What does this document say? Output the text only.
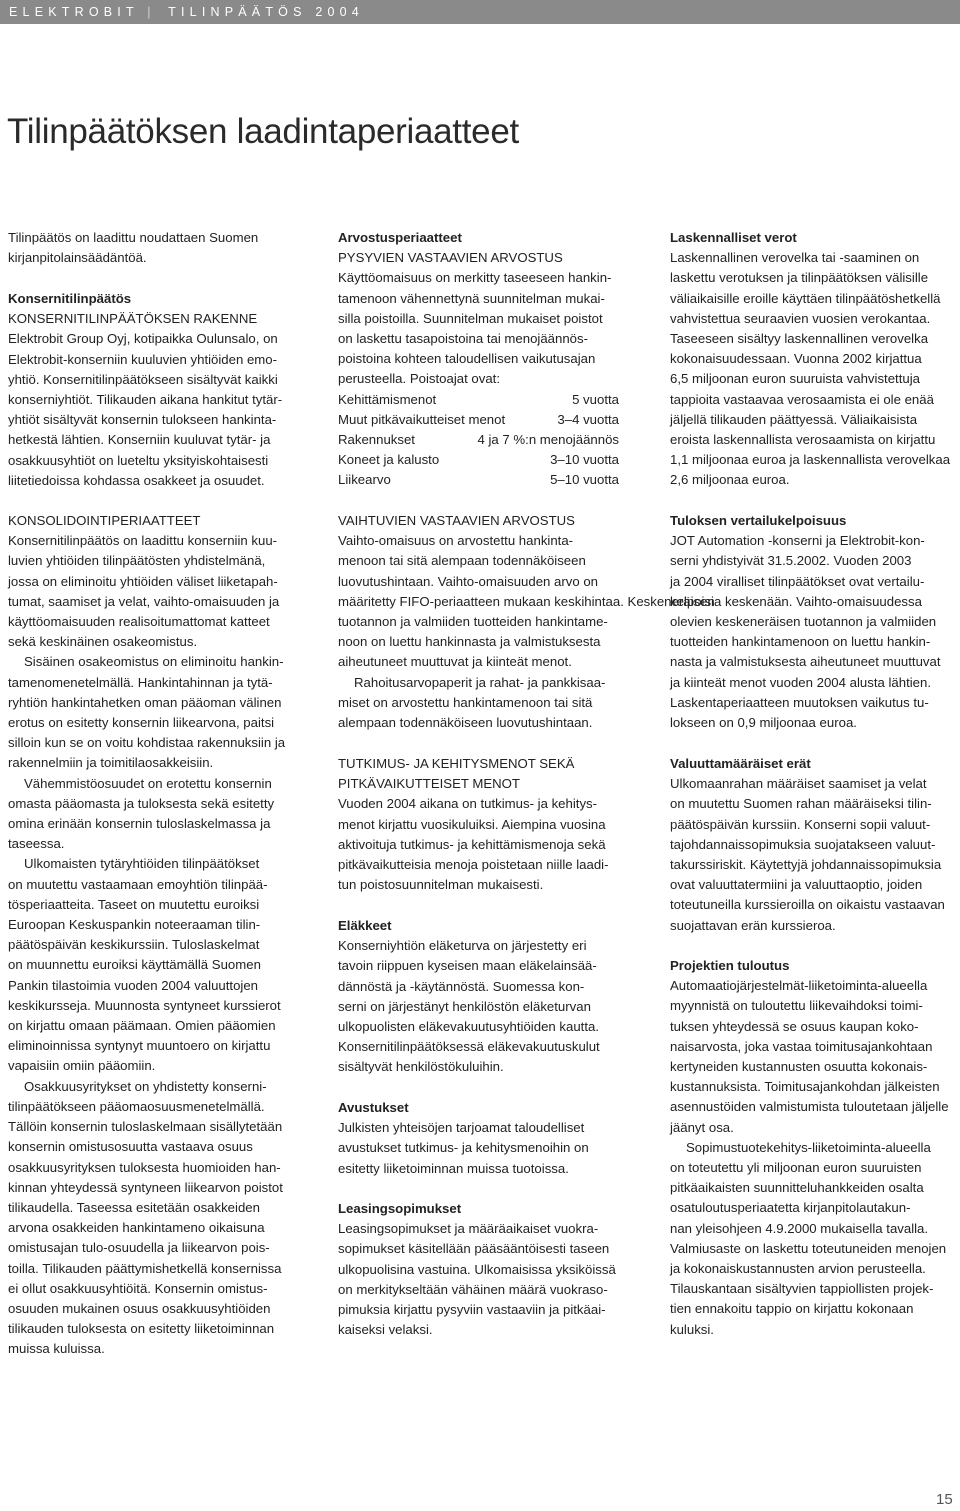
ELEKTROBIT | TILINPÄÄTÖS 2004
Tilinpäätöksen laadintaperiaatteet

Tilinpäätös on laadittu noudattaen Suomen

kirjanpitolainsäädäntöä.

Konsernitilinpäätös

KONSERNITILINPÄÄTÖKSEN RAKENNE

Elektrobit Group Oyj, kotipaikka Oulunsalo, on

Elektrobit-konserniin kuuluvien yhtiöiden emo-

yhtiö. Konsernitilinpäätökseen sisältyvät kaikki

konserniyhtiöt. Tilikauden aikana hankitut tytär-

yhtiöt sisältyvät konsernin tulokseen hankinta-

hetkestä lähtien. Konserniin kuuluvat tytär- ja

osakkuusyhtiöt on lueteltu yksityiskohtaisesti

liitetiedoissa kohdassa osakkeet ja osuudet.

KONSOLIDOINTIPERIAATTEET

Konsernitilinpäätös on laadittu konserniin kuu-

luvien yhtiöiden tilinpäätösten yhdistelmänä,

jossa on eliminoitu yhtiöiden väliset liiketapah-

tumat, saamiset ja velat, vaihto-omaisuuden ja

käyttöomaisuuden realisoitumattomat katteet

sekä keskinäinen osakeomistus.

Sisäinen osakeomistus on eliminoitu hankin-

tamenomenetelmällä. Hankintahinnan ja tytä-

ryhtiön hankintahetken oman pääoman välinen

erotus on esitetty konsernin liikearvona, paitsi

silloin kun se on voitu kohdistaa rakennuksiin ja

rakennelmiin ja toimitilaosakkeisiin.

Vähemmistöosuudet on erotettu konsernin

omasta pääomasta ja tuloksesta sekä esitetty

omina erinään konsernin tuloslaskelmassa ja

taseessa.

Ulkomaisten tytäryhtiöiden tilinpäätökset

on muutettu vastaamaan emoyhtiön tilinpää-

tösperiaatteita. Taseet on muutettu euroiksi

Euroopan Keskuspankin noteeraaman tilin-

päätöspäivän keskikurssiin. Tuloslaskelmat

on muunnettu euroiksi käyttämällä Suomen

Pankin tilastoimia vuoden 2004 valuuttojen

keskikursseja. Muunnosta syntyneet kurssierot

on kirjattu omaan päämaan. Omien pääomien

eliminoinnissa syntynyt muuntoero on kirjattu

vapaisiin omiin pääomiin.

Osakkuusyritykset on yhdistetty konserni-

tilinpäätökseen pääomaosuusmenetelmällä.

Tällöin konsernin tuloslaskelmaan sisällytetään

konsernin omistusosuutta vastaava osuus

osakkuusyrityksen tuloksesta huomioiden han-

kinnan yhteydessä syntyneen liikearvon poistot

tilikaudella. Taseessa esitetään osakkeiden

arvona osakkeiden hankintameno oikaisuna

omistusajan tulo-osuudella ja liikearvon pois-

toilla. Tilikauden päättymishetkellä konsernissa

ei ollut osakkuusyhtiöitä. Konsernin omistus-

osuuden mukainen osuus osakkuusyhtiöiden

tilikauden tuloksesta on esitetty liiketoiminnan

muissa kuluissa.

Arvostusperiaatteet

PYSYVIEN VASTAAVIEN ARVOSTUS

Käyttöomaisuus on merkitty taseeseen hankin-

tamenoon vähennettynä suunnitelman mukai-

silla poistoilla. Suunnitelman mukaiset poistot

on laskettu tasapoistoina tai menojäännös-

poistoina kohteen taloudellisen vaikutusajan

perusteella. Poistoajat ovat:

Kehittämismenot	5 vuotta
Muut pitkävaikutteiset menot	3–4 vuotta
Rakennukset	4 ja 7 %:n menojäännös
Koneet ja kalusto	3–10 vuotta
Liikearvo	5–10 vuotta

VAIHTUVIEN VASTAAVIEN ARVOSTUS

Vaihto-omaisuus on arvostettu hankinta-

menoon tai sitä alempaan todennäköiseen

luovutushintaan. Vaihto-omaisuuden arvo on

määritetty FIFO-periaatteen mukaan keskihintaa. Keskeneräisen

tuotannon ja valmiiden tuotteiden hankintame-

noon on luettu hankinnasta ja valmistuksesta

aiheutuneet muuttuvat ja kiinteät menot.

Rahoitusarvopaperit ja rahat- ja pankkisaa-

miset on arvostettu hankintamenoon tai sitä

alempaan todennäköiseen luovutushintaan.

TUTKIMUS- JA KEHITYSMENOT SEKÄ

PITKÄVAIKUTTEISET MENOT

Vuoden 2004 aikana on tutkimus- ja kehitys-

menot kirjattu vuosikuluiksi. Aiempina vuosina

aktivoituja tutkimus- ja kehittämismenoja sekä

pitkävaikutteisia menoja poistetaan niille laadi-

tun poistosuunnitelman mukaisesti.

Eläkkeet

Konserniyhtiön eläketurva on järjestetty eri

tavoin riippuen kyseisen maan eläkelainsää-

dännöstä ja -käytännöstä. Suomessa kon-

serni on järjestänyt henkilöstön eläketurvan

ulkopuolisten eläkevakuutusyhtiöiden kautta.

Konsernitilinpäätöksessä eläkevakuutuskulut

sisältyvät henkilöstökuluihin.

Avustukset

Julkisten yhteisöjen tarjoamat taloudelliset

avustukset tutkimus- ja kehitysmenoihin on

esitetty liiketoiminnan muissa tuotoissa.

Leasingsopimukset

Leasingsopimukset ja määräaikaiset vuokra-

sopimukset käsitellään pääsääntöisesti taseen

ulkopuolisina vastuina. Ulkomaisissa yksiköissä

on merkitykseltään vähäinen määrä vuokraso-

pimuksia kirjattu pysyviin vastaaviin ja pitkäai-

kaiseksi velaksi.

Laskennalliset verot

Laskennallinen verovelka tai -saaminen on

laskettu verotuksen ja tilinpäätöksen välisille

väliaikaisille eroille käyttäen tilinpäätöshetkellä

vahvistettua seuraavien vuosien verokantaa.

Taseeseen sisältyy laskennallinen verovelka

kokonaisuudessaan. Vuonna 2002 kirjattua

6,5 miljoonan euron suuruista vahvistettuja

tappioita vastaavaa verosaamista ei ole enää

jäljellä tilikauden päättyessä. Väliaikaisista

eroista laskennallista verosaamista on kirjattu

1,1 miljoonaa euroa ja laskennallista verovelkaa

2,6 miljoonaa euroa.

Tuloksen vertailukelpoisuus

JOT Automation -konserni ja Elektrobit-kon-

serni yhdistyivät 31.5.2002. Vuoden 2003

ja 2004 viralliset tilinpäätökset ovat vertailu-

kelpoisia keskenään. Vaihto-omaisuudessa

olevien keskeneräisen tuotannon ja valmiiden

tuotteiden hankintamenoon on luettu hankin-

nasta ja valmistuksesta aiheutuneet muuttuvat

ja kiinteät menot vuoden 2004 alusta lähtien.

Laskentaperiaatteen muutoksen vaikutus tu-

lokseen on 0,9 miljoonaa euroa.

Valuuttamääräiset erät

Ulkomaanrahan määräiset saamiset ja velat

on muutettu Suomen rahan määräiseksi tilin-

päätöspäivän kurssiin. Konserni sopii valuut-

tajohdannaissopimuksia suojatakseen valuut-

takurssiriskit. Käytettyjä johdannaissopimuksia

ovat valuuttatermiini ja valuuttaoptio, joiden

toteutuneilla kurssieroilla on oikaistu vastaavan

suojattavan erän kurssieroa.

Projektien tuloutus

Automaatiojärjestelmät-liiketoiminta-alueella

myynnistä on tuloutettu liikevaihdoksi toimi-

tuksen yhteydessä se osuus kaupan koko-

naisarvosta, joka vastaa toimitusajankohtaan

kertyneiden kustannusten osuutta kokonais-

kustannuksista. Toimitusajankohdan jälkeisten

asennustöiden valmistumista tuloutetaan jäljelle

jäänyt osa.

Sopimustuotekehitys-liiketoiminta-alueella

on toteutettu yli miljoonan euron suuruisten

pitkäaikaisten suunnitteluhankkeiden osalta

osatuloutusperiaatetta kirjanpitolautakun-

nan yleisohjeen 4.9.2000 mukaisella tavalla.

Valmiusaste on laskettu toteutuneiden menojen

ja kokonaiskustannusten arvion perusteella.

Tilauskantaan sisältyvien tappiollisten projek-

tien ennakoitu tappio on kirjattu kokonaan

kuluksi.

15
